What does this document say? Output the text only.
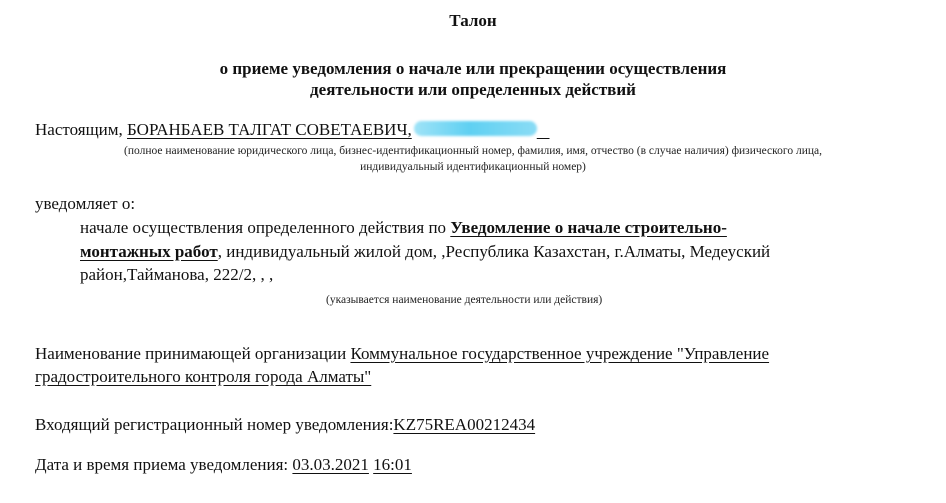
Талон
о приеме уведомления о начале или прекращении осуществления
деятельности или определенных действий
Настоящим, БОРАНБАЕВ ТАЛГАТ СОВЕТАЕВИЧ,
(полное наименование юридического лица, бизнес-идентификационный номер, фамилия, имя, отчество (в случае наличия) физического лица,
индивидуальный идентификационный номер)
уведомляет о:
начале осуществления определенного действия по Уведомление о начале строительно-
монтажных работ, индивидуальный жилой дом, ,Республика Казахстан, г.Алматы, Медеуский
район,Тайманова, 222/2, , ,
(указывается наименование деятельности или действия)
Наименование принимающей организации Коммунальное государственное учреждение "Управление
градостроительного контроля города Алматы"
Входящий регистрационный номер уведомления:KZ75REA00212434
Дата и время приема уведомления: 03.03.2021 16:01
